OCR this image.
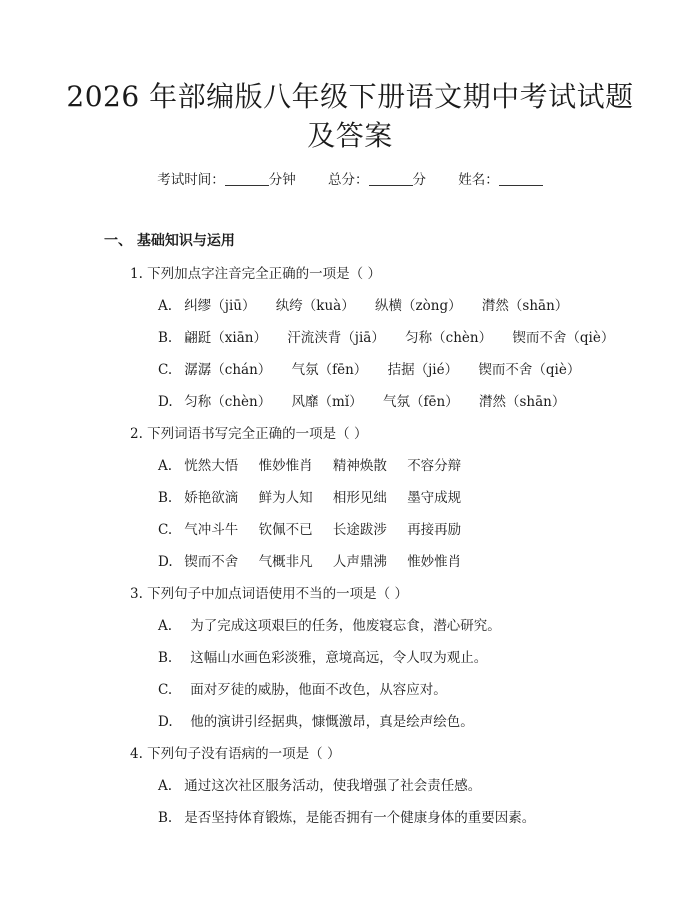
2026 年部编版八年级下册语文期中考试试题
及答案
考试时间：	分钟 总分：	分 姓名：
一、 基础知识与运用
1. 下列加点字注音完全正确的一项是（ ）
A. 纠缪（jiū） 纨绔（kuà） 纵横（zòng） 潸然（shān）
B. 翩跹（xiān） 汗流浃背（jiā） 匀称（chèn） 锲而不舍（qiè）
C. 潺潺（chán） 气氛（fēn） 拮据（jié） 锲而不舍（qiè）
D. 匀称（chèn） 风靡（mǐ） 气氛（fēn） 潸然（shān）
2. 下列词语书写完全正确的一项是（ ）
A. 恍然大悟 惟妙惟肖 精神焕散 不容分辩
B. 娇艳欲滴 鲜为人知 相形见绌 墨守成规
C. 气冲斗牛 钦佩不已 长途跋涉 再接再励
D. 锲而不舍 气概非凡 人声鼎沸 惟妙惟肖
3. 下列句子中加点词语使用不当的一项是（ ）
A. 为了完成这项艰巨的任务，他废寝忘食，潜心研究。
B. 这幅山水画色彩淡雅，意境高远，令人叹为观止。
C. 面对歹徒的威胁，他面不改色，从容应对。
D. 他的演讲引经据典，慷慨激昂，真是绘声绘色。
4. 下列句子没有语病的一项是（ ）
A. 通过这次社区服务活动，使我增强了社会责任感。
B. 是否坚持体育锻炼，是能否拥有一个健康身体的重要因素。
